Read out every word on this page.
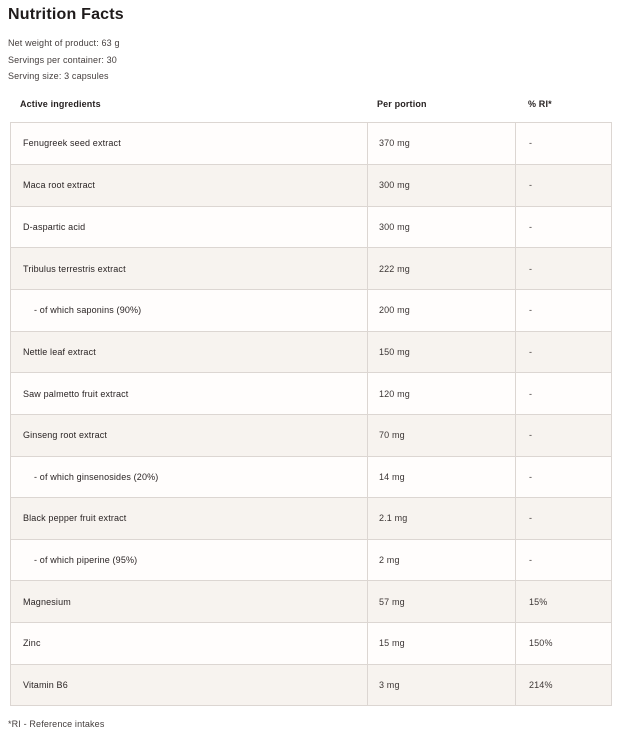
Nutrition Facts
Net weight of product: 63 g
Servings per container: 30
Serving size: 3 capsules
Active ingredients	Per portion	% RI*
Fenugreek seed extract	370 mg	-
Maca root extract	300 mg	-
D-aspartic acid	300 mg	-
Tribulus terrestris extract	222 mg	-
- of which saponins (90%)	200 mg	-
Nettle leaf extract	150 mg	-
Saw palmetto fruit extract	120 mg	-
Ginseng root extract	70 mg	-
- of which ginsenosides (20%)	14 mg	-
Black pepper fruit extract	2.1 mg	-
- of which piperine (95%)	2 mg	-
Magnesium	57 mg	15%
Zinc	15 mg	150%
Vitamin B6	3 mg	214%
*RI - Reference intakes
